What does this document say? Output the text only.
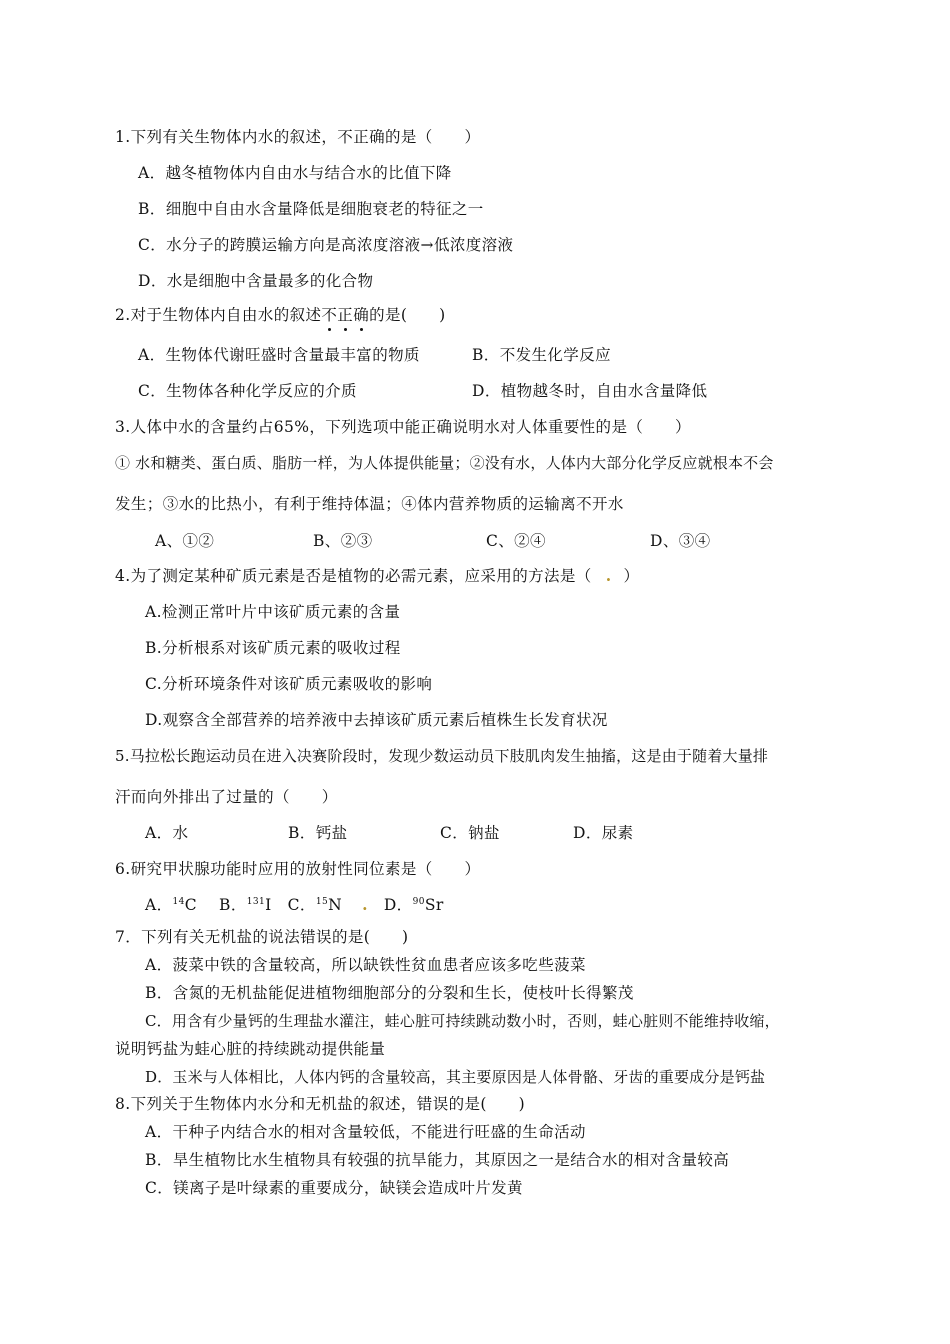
1.下列有关生物体内水的叙述，不正确的是（　　）
A．越冬植物体内自由水与结合水的比值下降
B．细胞中自由水含量降低是细胞衰老的特征之一
C．水分子的跨膜运输方向是高浓度溶液→低浓度溶液
D．水是细胞中含量最多的化合物
2.对于生物体内自由水的叙述不正确的是(　　)
A．生物体代谢旺盛时含量最丰富的物质	B．不发生化学反应
C．生物体各种化学反应的介质	D．植物越冬时，自由水含量降低
3.人体中水的含量约占65%，下列选项中能正确说明水对人体重要性的是（　　）
① 水和糖类、蛋白质、脂肪一样，为人体提供能量；②没有水，人体内大部分化学反应就根本不会
发生；③水的比热小，有利于维持体温；④体内营养物质的运输离不开水
A、①②	B、②③	C、②④	D、③④
4.为了测定某种矿质元素是否是植物的必需元素，应采用的方法是（ . ）
A.检测正常叶片中该矿质元素的含量
B.分析根系对该矿质元素的吸收过程
C.分析环境条件对该矿质元素吸收的影响
D.观察含全部营养的培养液中去掉该矿质元素后植株生长发育状况
5.马拉松长跑运动员在进入决赛阶段时，发现少数运动员下肢肌肉发生抽搐，这是由于随着大量排
汗而向外排出了过量的（　　）
A．水	B．钙盐	C．钠盐	D．尿素
6.研究甲状腺功能时应用的放射性同位素是（　　）
A．$^{14}$C B．$^{131}$I C．$^{15}$N . D．$^{90}$Sr
7．下列有关无机盐的说法错误的是(　　)
A．菠菜中铁的含量较高，所以缺铁性贫血患者应该多吃些菠菜
B．含氮的无机盐能促进植物细胞部分的分裂和生长，使枝叶长得繁茂
C．用含有少量钙的生理盐水灌注，蛙心脏可持续跳动数小时，否则，蛙心脏则不能维持收缩，
说明钙盐为蛙心脏的持续跳动提供能量
D．玉米与人体相比，人体内钙的含量较高，其主要原因是人体骨骼、牙齿的重要成分是钙盐
8.下列关于生物体内水分和无机盐的叙述，错误的是(　　)
A．干种子内结合水的相对含量较低，不能进行旺盛的生命活动
B．旱生植物比水生植物具有较强的抗旱能力，其原因之一是结合水的相对含量较高
C．镁离子是叶绿素的重要成分，缺镁会造成叶片发黄
